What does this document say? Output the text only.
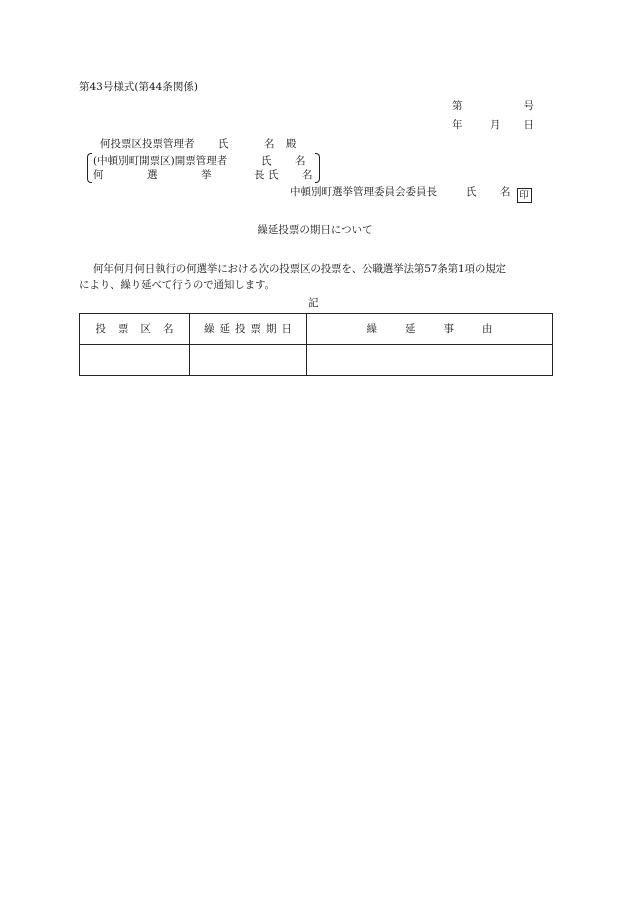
第43号様式(第44条関係)
第	号
年	月 日
何投票区投票管理者 氏	名 殿
(中頓別町開票区)開票管理者	氏 名
何	選	挙	長 氏 名
中頓別町選挙管理委員会委員長	氏 名 印
繰延投票の期日について
何年何月何日執行の何選挙における次の投票区の投票を、公職選挙法第57条第1項の規定
により、繰り延べて行うので通知します。
記
投票区名	繰延投票期日	繰延事由
